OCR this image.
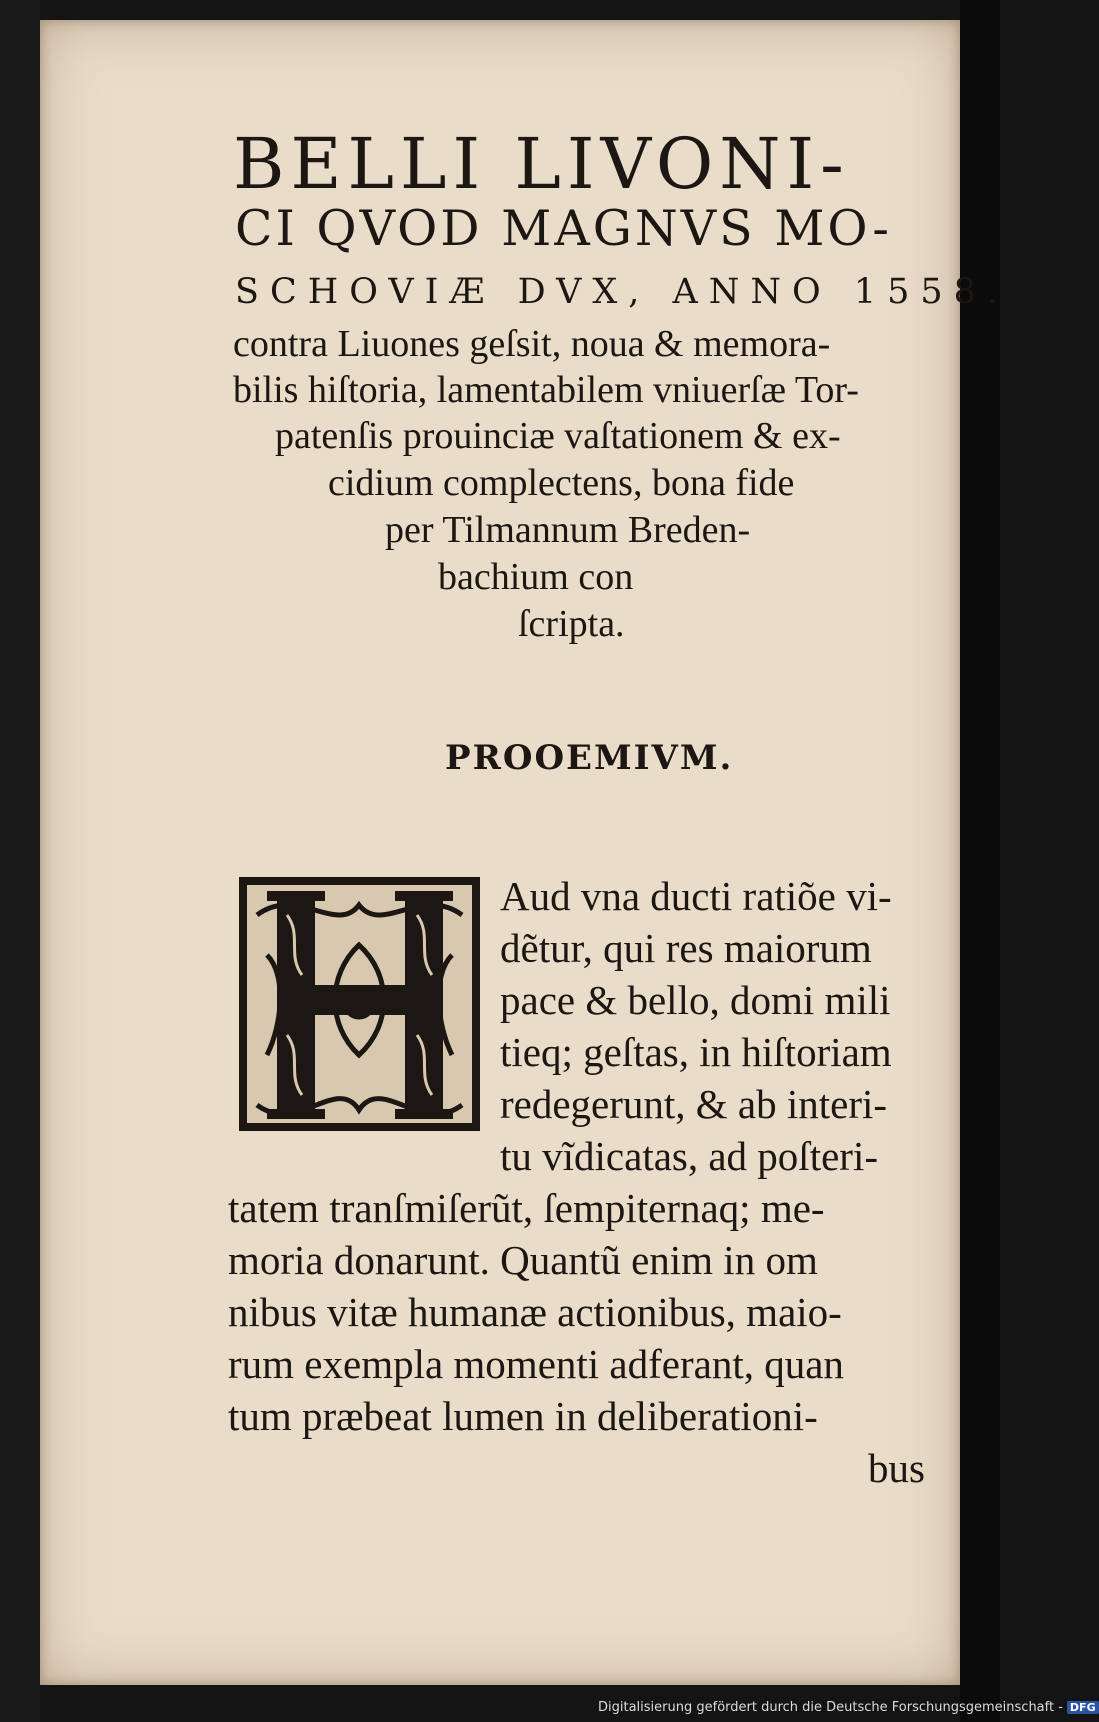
BELLI LIVONI-
CI QVOD MAGNVS MO-
SCHOVIÆ DVX, ANNO 1558.
contra Liuones geſsit, noua & memora-
bilis hiſtoria, lamentabilem vniuerſæ Tor-
patenſis prouinciæ vaſtationem & ex-
cidium complectens, bona fide
per Tilmannum Breden-
bachium con
ſcripta.
PROOEMIVM.
Aud vna ducti ratiõe vi-
dẽtur, qui res maiorum
pace & bello, domi mili
tieq; geſtas, in hiſtoriam
redegerunt, & ab interi-
tu vĩdicatas, ad poſteri-
tatem tranſmiſerũt, ſempiternaq; me-
moria donarunt. Quantũ enim in om
nibus vitæ humanæ actionibus, maio-
rum exempla momenti adferant, quan
tum præbeat lumen in deliberationi-
bus
Digitalisierung gefördert durch die Deutsche Forschungsgemeinschaft - DFG
